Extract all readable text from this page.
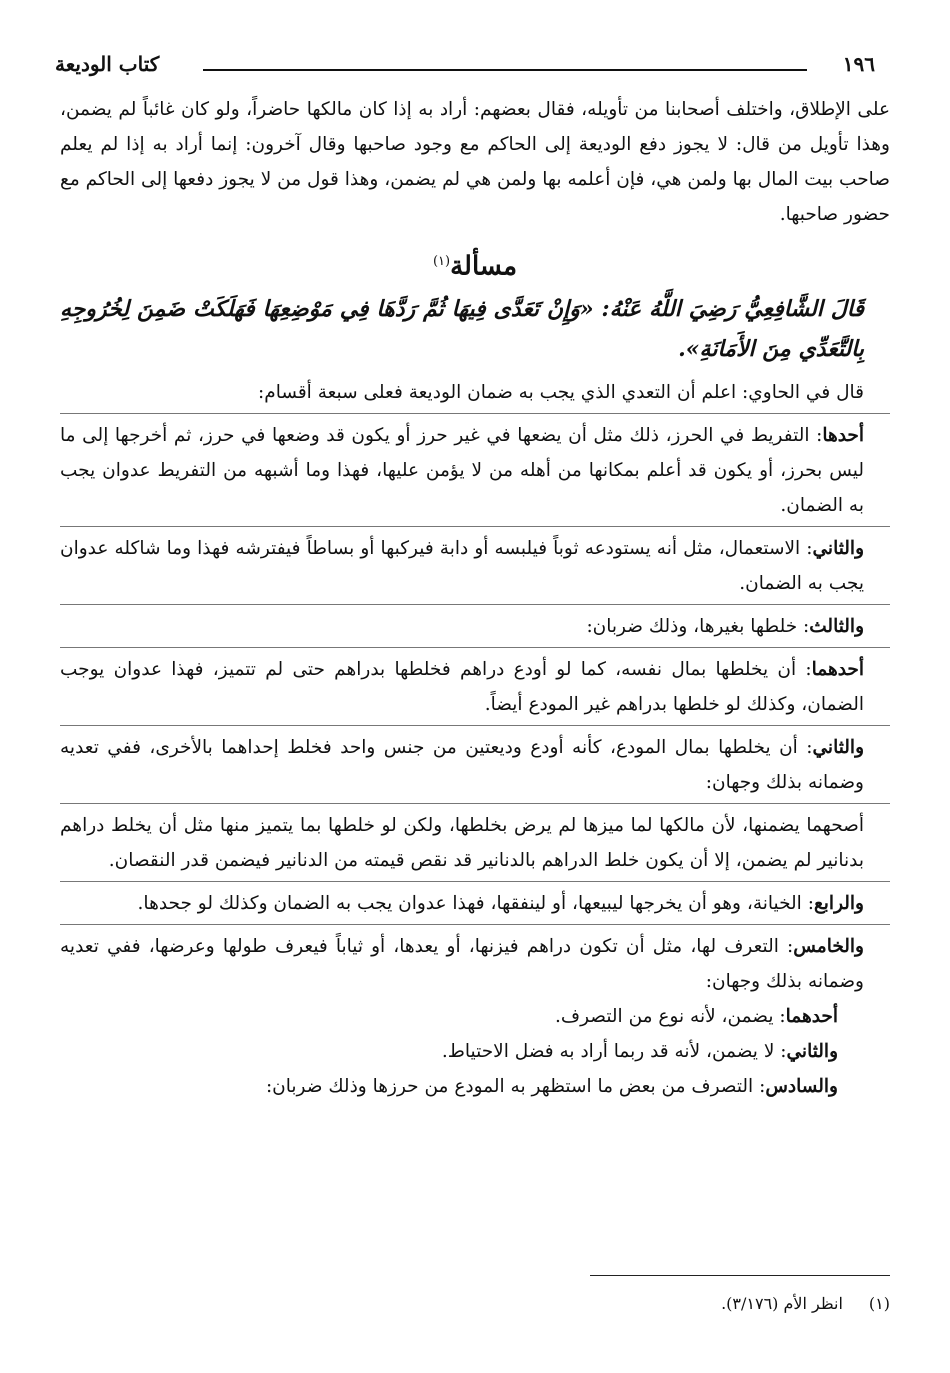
١٩٦
كتاب الوديعة

على الإطلاق، واختلف أصحابنا من تأويله، فقال بعضهم: أراد به إذا كان مالكها حاضراً، ولو كان غائباً لم يضمن، وهذا تأويل من قال: لا يجوز دفع الوديعة إلى الحاكم مع وجود صاحبها وقال آخرون: إنما أراد به إذا لم يعلم صاحب بيت المال بها ولمن هي، فإن أعلمه بها ولمن هي لم يضمن، وهذا قول من لا يجوز دفعها إلى الحاكم مع حضور صاحبها.

مسألة$^{(١)}$
قَالَ الشَّافِعِيُّ رَضِيَ اللَّهُ عَنْهُ: «وَإِنْ تَعَدَّى فِيهَا ثُمَّ رَدَّهَا فِي مَوْضِعِهَا فَهَلَكَتْ ضَمِنَ لِخُرُوجِهِ بِالتَّعَدِّي مِنَ الأَمَانَةِ».

قال في الحاوي: اعلم أن التعدي الذي يجب به ضمان الوديعة فعلى سبعة أقسام:

أحدها: التفريط في الحرز، ذلك مثل أن يضعها في غير حرز أو يكون قد وضعها في حرز، ثم أخرجها إلى ما ليس بحرز، أو يكون قد أعلم بمكانها من أهله من لا يؤمن عليها، فهذا وما أشبهه من التفريط عدوان يجب به الضمان.

والثاني: الاستعمال، مثل أنه يستودعه ثوباً فيلبسه أو دابة فيركبها أو بساطاً فيفترشه فهذا وما شاكله عدوان يجب به الضمان.

والثالث: خلطها بغيرها، وذلك ضربان:

أحدهما: أن يخلطها بمال نفسه، كما لو أودع دراهم فخلطها بدراهم حتى لم تتميز، فهذا عدوان يوجب الضمان، وكذلك لو خلطها بدراهم غير المودع أيضاً.

والثاني: أن يخلطها بمال المودع، كأنه أودع وديعتين من جنس واحد فخلط إحداهما بالأخرى، ففي تعديه وضمانه بذلك وجهان:

أصحهما يضمنها، لأن مالكها لما ميزها لم يرض بخلطها، ولكن لو خلطها بما يتميز منها مثل أن يخلط دراهم بدنانير لم يضمن، إلا أن يكون خلط الدراهم بالدنانير قد نقص قيمته من الدنانير فيضمن قدر النقصان.

والرابع: الخيانة، وهو أن يخرجها ليبيعها، أو لينفقها، فهذا عدوان يجب به الضمان وكذلك لو جحدها.

والخامس: التعرف لها، مثل أن تكون دراهم فيزنها، أو يعدها، أو ثياباً فيعرف طولها وعرضها، ففي تعديه وضمانه بذلك وجهان:

أحدهما: يضمن، لأنه نوع من التصرف.

والثاني: لا يضمن، لأنه قد ربما أراد به فضل الاحتياط.

والسادس: التصرف من بعض ما استظهر به المودع من حرزها وذلك ضربان:

(١)انظر الأم (٣/١٧٦).
